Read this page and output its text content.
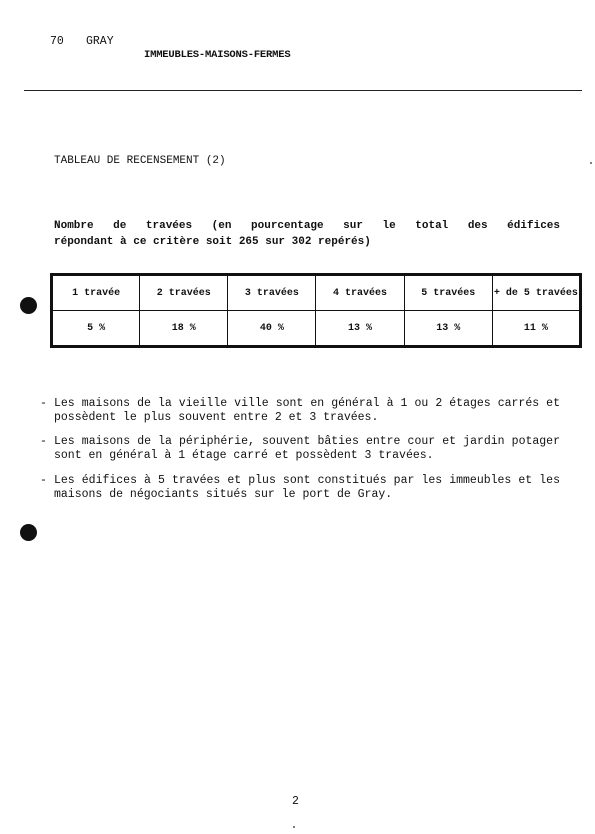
70 GRAY
IMMEUBLES-MAISONS-FERMES
TABLEAU DE RECENSEMENT (2)
Nombre de travées (en pourcentage sur le total des édifices
répondant à ce critère soit 265 sur 302 repérés)
1 travée	2 travées	3 travées	4 travées	5 travées	+ de 5 travées
5 %	18 %	40 %	13 %	13 %	11 %
- Les maisons de la vieille ville sont en général à 1 ou 2 étages carrés et possèdent le plus souvent entre 2 et 3 travées.
- Les maisons de la périphérie, souvent bâties entre cour et jardin potager sont en général à 1 étage carré et possèdent 3 travées.
- Les édifices à 5 travées et plus sont constitués par les immeubles et les maisons de négociants situés sur le port de Gray.
2
